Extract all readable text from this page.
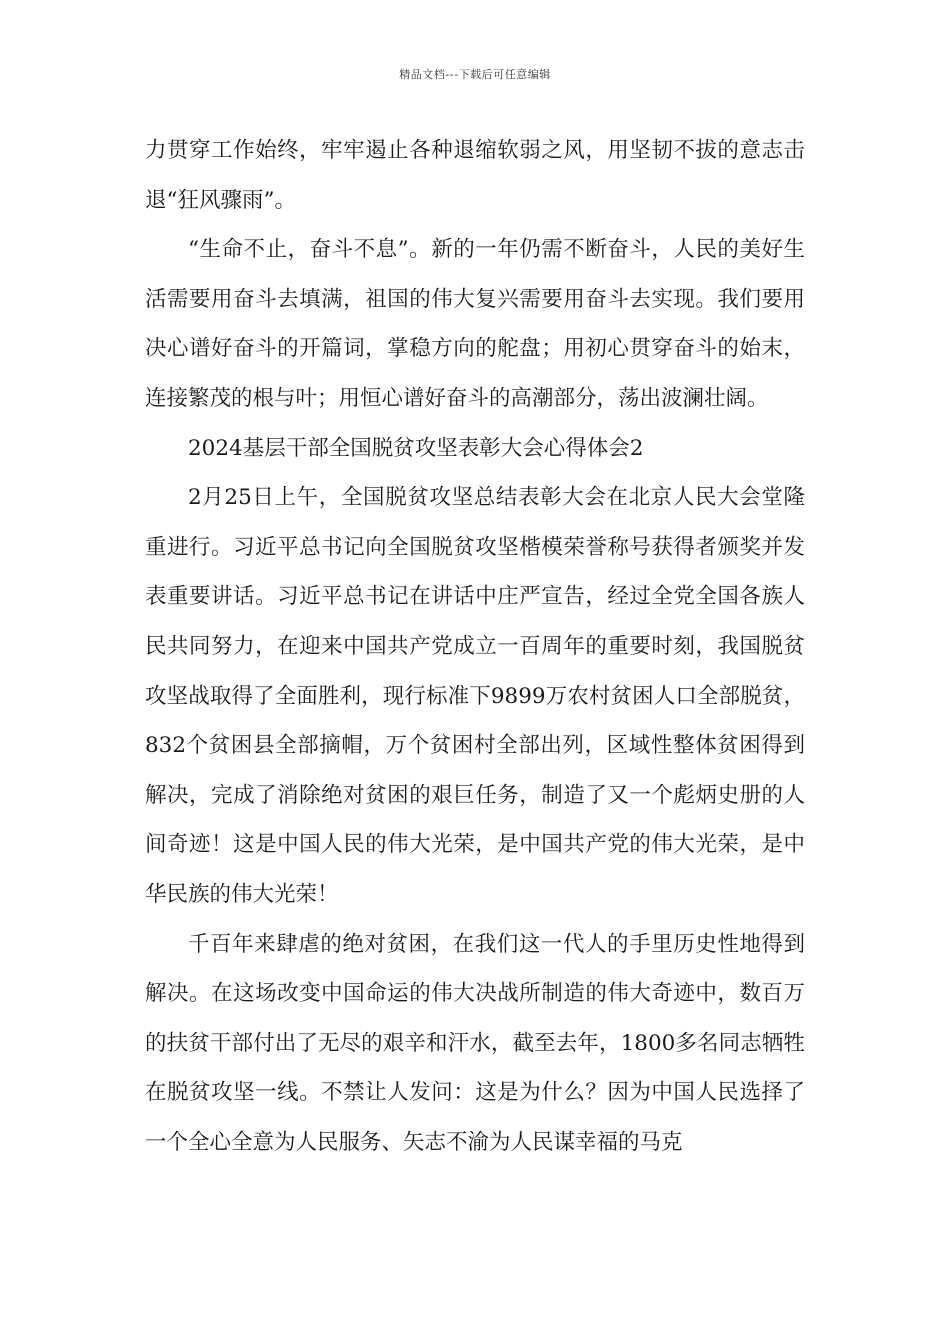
精品文档---下载后可任意编辑

力贯穿工作始终，牢牢遏止各种退缩软弱之风，用坚韧不拔的意志击退“狂风骤雨”。

“生命不止，奋斗不息”。新的一年仍需不断奋斗，人民的美好生活需要用奋斗去填满，祖国的伟大复兴需要用奋斗去实现。我们要用决心谱好奋斗的开篇词，掌稳方向的舵盘；用初心贯穿奋斗的始末，连接繁茂的根与叶；用恒心谱好奋斗的高潮部分，荡出波澜壮阔。

2024基层干部全国脱贫攻坚表彰大会心得体会2

2月25日上午，全国脱贫攻坚总结表彰大会在北京人民大会堂隆重进行。习近平总书记向全国脱贫攻坚楷模荣誉称号获得者颁奖并发表重要讲话。习近平总书记在讲话中庄严宣告，经过全党全国各族人民共同努力，在迎来中国共产党成立一百周年的重要时刻，我国脱贫攻坚战取得了全面胜利，现行标准下9899万农村贫困人口全部脱贫，832个贫困县全部摘帽，万个贫困村全部出列，区域性整体贫困得到解决，完成了消除绝对贫困的艰巨任务，制造了又一个彪炳史册的人间奇迹！这是中国人民的伟大光荣，是中国共产党的伟大光荣，是中华民族的伟大光荣！

千百年来肆虐的绝对贫困，在我们这一代人的手里历史性地得到解决。在这场改变中国命运的伟大决战所制造的伟大奇迹中，数百万的扶贫干部付出了无尽的艰辛和汗水，截至去年，1800多名同志牺牲在脱贫攻坚一线。不禁让人发问：这是为什么？因为中国人民选择了一个全心全意为人民服务、矢志不渝为人民谋幸福的马克
